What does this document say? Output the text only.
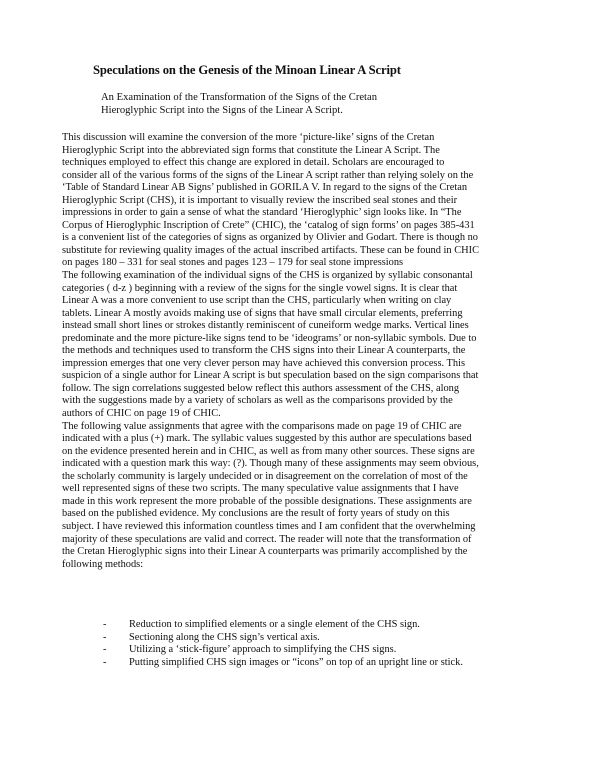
Speculations on the Genesis of the Minoan Linear A Script
An Examination of the Transformation of the Signs of the Cretan
Hieroglyphic Script into the Signs of the Linear A Script.
This discussion will examine the conversion of the more ‘picture-like’ signs of the Cretan
Hieroglyphic Script into the abbreviated sign forms that constitute the Linear A Script. The
techniques employed to effect this change are explored in detail. Scholars are encouraged to
consider all of the various forms of the signs of the Linear A script rather than relying solely on the
‘Table of Standard Linear AB Signs’ published in GORILA V. In regard to the signs of the Cretan
Hieroglyphic Script (CHS), it is important to visually review the inscribed seal stones and their
impressions in order to gain a sense of what the standard ‘Hieroglyphic’ sign looks like. In “The
Corpus of Hieroglyphic Inscription of Crete” (CHIC), the ‘catalog of sign forms’ on pages 385-431
is a convenient list of the categories of signs as organized by Olivier and Godart. There is though no
substitute for reviewing quality images of the actual inscribed artifacts. These can be found in CHIC
on pages 180 – 331 for seal stones and pages 123 – 179 for seal stone impressions
The following examination of the individual signs of the CHS is organized by syllabic consonantal
categories ( d-z ) beginning with a review of the signs for the single vowel signs. It is clear that
Linear A was a more convenient to use script than the CHS, particularly when writing on clay
tablets. Linear A mostly avoids making use of signs that have small circular elements, preferring
instead small short lines or strokes distantly reminiscent of cuneiform wedge marks. Vertical lines
predominate and the more picture-like signs tend to be ‘ideograms’ or non-syllabic symbols. Due to
the methods and techniques used to transform the CHS signs into their Linear A counterparts, the
impression emerges that one very clever person may have achieved this conversion process. This
suspicion of a single author for Linear A script is but speculation based on the sign comparisons that
follow. The sign correlations suggested below reflect this authors assessment of the CHS, along
with the suggestions made by a variety of scholars as well as the comparisons provided by the
authors of CHIC on page 19 of CHIC.
The following value assignments that agree with the comparisons made on page 19 of CHIC are
indicated with a plus (+) mark. The syllabic values suggested by this author are speculations based
on the evidence presented herein and in CHIC, as well as from many other sources. These signs are
indicated with a question mark this way: (?). Though many of these assignments may seem obvious,
the scholarly community is largely undecided or in disagreement on the correlation of most of the
well represented signs of these two scripts. The many speculative value assignments that I have
made in this work represent the more probable of the possible designations. These assignments are
based on the published evidence. My conclusions are the result of forty years of study on this
subject. I have reviewed this information countless times and I am confident that the overwhelming
majority of these speculations are valid and correct. The reader will note that the transformation of
the Cretan Hieroglyphic signs into their Linear A counterparts was primarily accomplished by the
following methods:
- Reduction to simplified elements or a single element of the CHS sign.
- Sectioning along the CHS sign’s vertical axis.
- Utilizing a ‘stick-figure’ approach to simplifying the CHS signs.
- Putting simplified CHS sign images or “icons” on top of an upright line or stick.
